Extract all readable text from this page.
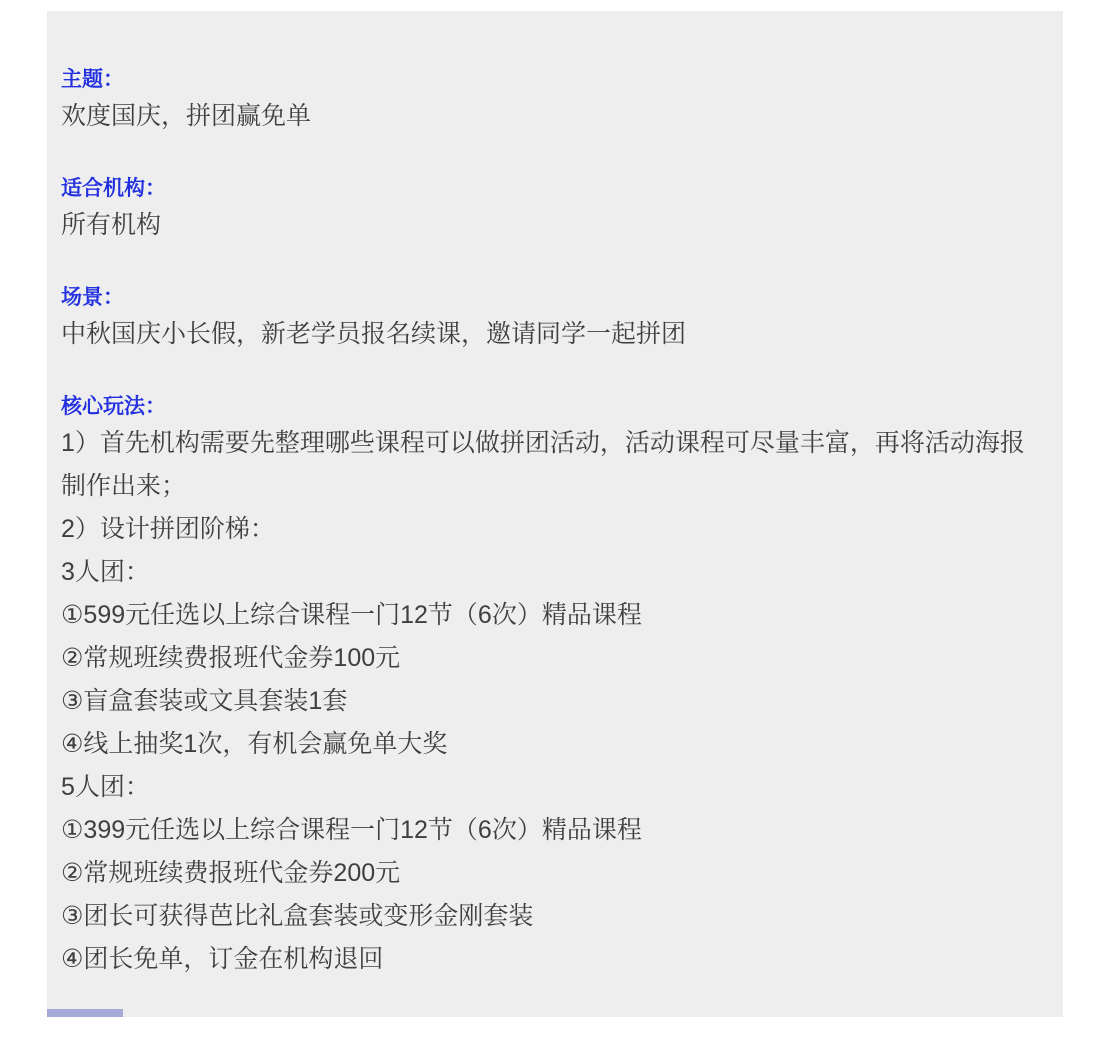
主题：
欢度国庆，拼团赢免单
适合机构：
所有机构
场景：
中秋国庆小长假，新老学员报名续课，邀请同学一起拼团
核心玩法：
1）首先机构需要先整理哪些课程可以做拼团活动，活动课程可尽量丰富，再将活动海报
制作出来；
2）设计拼团阶梯：
3人团：
①599元任选以上综合课程一门12节（6次）精品课程
②常规班续费报班代金券100元
③盲盒套装或文具套装1套
④线上抽奖1次，有机会赢免单大奖
5人团：
①399元任选以上综合课程一门12节（6次）精品课程
②常规班续费报班代金券200元
③团长可获得芭比礼盒套装或变形金刚套装
④团长免单，订金在机构退回
